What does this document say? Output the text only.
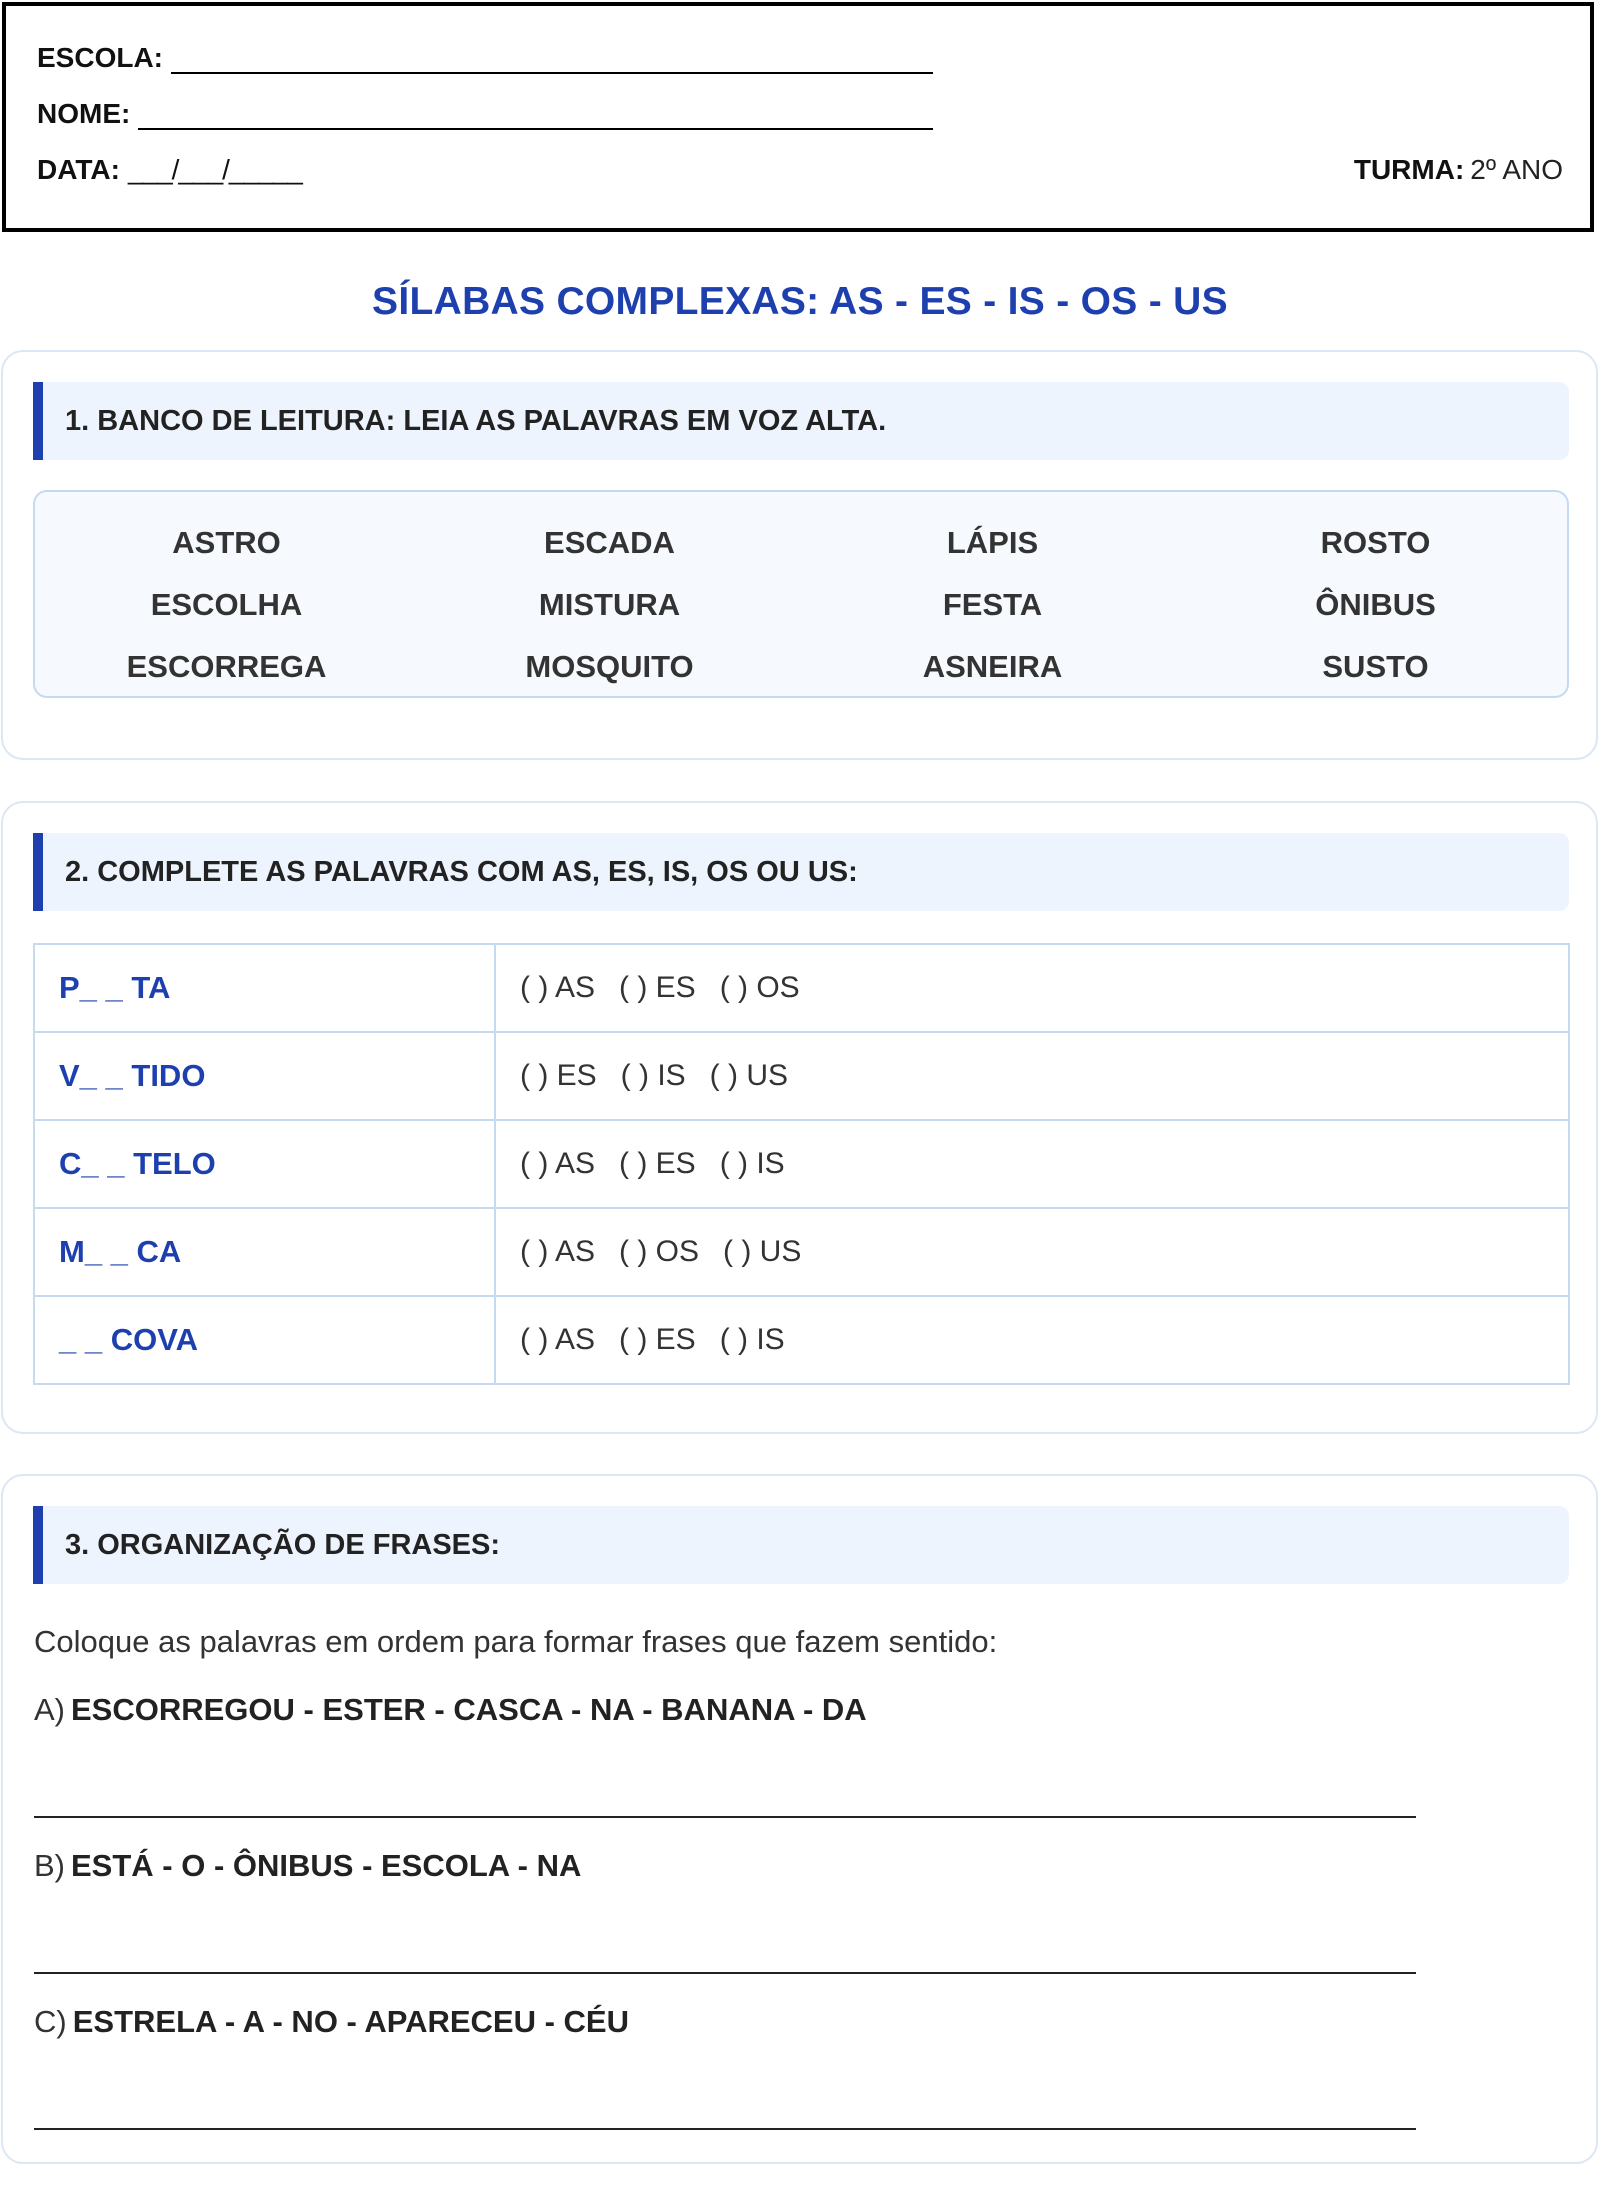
ESCOLA:
NOME:
DATA: ___/___/_____	TURMA: 2º ANO
SÍLABAS COMPLEXAS: AS - ES - IS - OS - US
1. BANCO DE LEITURA: LEIA AS PALAVRAS EM VOZ ALTA.
ASTRO	ESCADA	LÁPIS	ROSTO
ESCOLHA	MISTURA	FESTA	ÔNIBUS
ESCORREGA	MOSQUITO	ASNEIRA	SUSTO
2. COMPLETE AS PALAVRAS COM AS, ES, IS, OS OU US:
P_ _ TA	( ) AS ( ) ES ( ) OS
V_ _ TIDO	( ) ES ( ) IS ( ) US
C_ _ TELO	( ) AS ( ) ES ( ) IS
M_ _ CA	( ) AS ( ) OS ( ) US
_ _ COVA	( ) AS ( ) ES ( ) IS
3. ORGANIZAÇÃO DE FRASES:
Coloque as palavras em ordem para formar frases que fazem sentido:
A) ESCORREGOU - ESTER - CASCA - NA - BANANA - DA
B) ESTÁ - O - ÔNIBUS - ESCOLA - NA
C) ESTRELA - A - NO - APARECEU - CÉU
